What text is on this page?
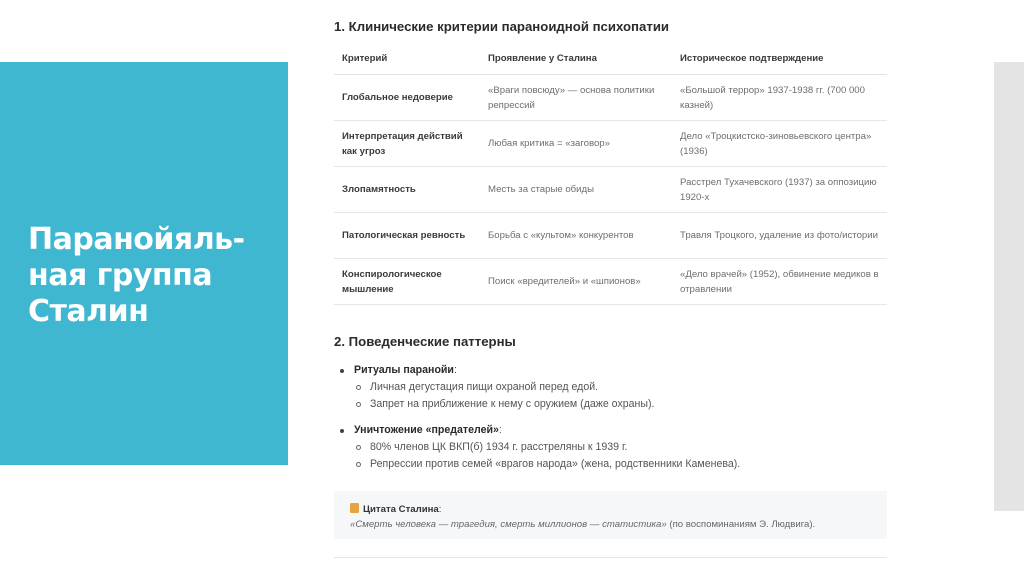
Паранойяль-
ная группа
Сталин
1. Клинические критерии параноидной психопатии
Критерий	Проявление у Сталина	Историческое подтверждение
Глобальное недоверие	«Враги повсюду» — основа политики репрессий	«Большой террор» 1937-1938 гг. (700 000 казней)
Интерпретация действий как угроз	Любая критика = «заговор»	Дело «Троцкистско-зиновьевского центра» (1936)
Злопамятность	Месть за старые обиды	Расстрел Тухачевского (1937) за оппозицию 1920-х
Патологическая ревность	Борьба с «культом» конкурентов	Травля Троцкого, удаление из фото/истории
Конспирологическое мышление	Поиск «вредителей» и «шпионов»	«Дело врачей» (1952), обвинение медиков в отравлении
2. Поведенческие паттерны
Ритуалы паранойи:
Личная дегустация пищи охраной перед едой.
Запрет на приближение к нему с оружием (даже охраны).
Уничтожение «предателей»:
80% членов ЦК ВКП(б) 1934 г. расстреляны к 1939 г.
Репрессии против семей «врагов народа» (жена, родственники Каменева).
Цитата Сталина:
«Смерть человека — трагедия, смерть миллионов — статистика» (по воспоминаниям Э. Людвига).
